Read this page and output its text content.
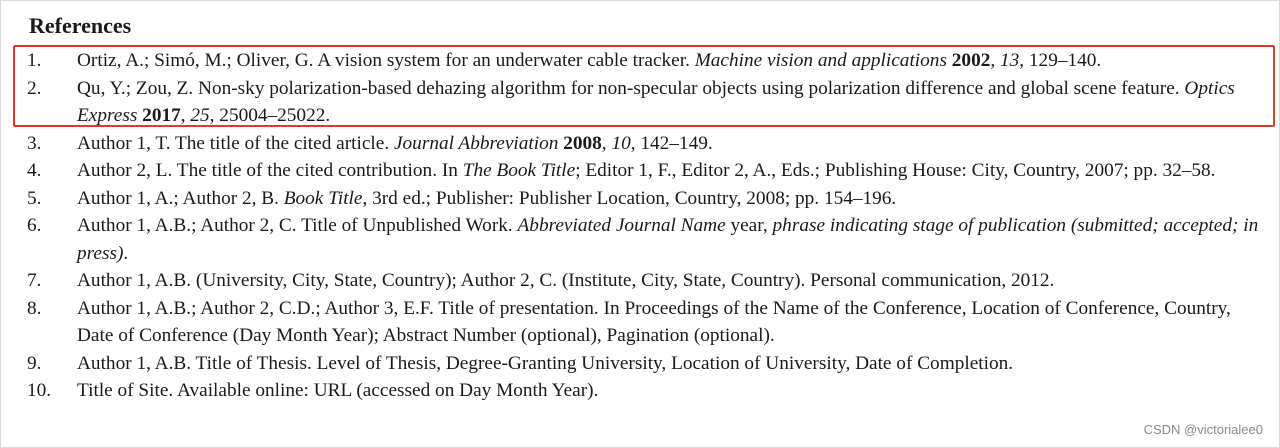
References
1.	Ortiz, A.; Simó, M.; Oliver, G. A vision system for an underwater cable tracker. Machine vision and applications 2002, 13, 129–140.
2.	Qu, Y.; Zou, Z. Non-sky polarization-based dehazing algorithm for non-specular objects using polarization difference and global scene feature. Optics Express 2017, 25, 25004–25022.
3.	Author 1, T. The title of the cited article. Journal Abbreviation 2008, 10, 142–149.
4.	Author 2, L. The title of the cited contribution. In The Book Title; Editor 1, F., Editor 2, A., Eds.; Publishing House: City, Country, 2007; pp. 32–58.
5.	Author 1, A.; Author 2, B. Book Title, 3rd ed.; Publisher: Publisher Location, Country, 2008; pp. 154–196.
6.	Author 1, A.B.; Author 2, C. Title of Unpublished Work. Abbreviated Journal Name year, phrase indicating stage of publication (submitted; accepted; in press).
7.	Author 1, A.B. (University, City, State, Country); Author 2, C. (Institute, City, State, Country). Personal communication, 2012.
8.	Author 1, A.B.; Author 2, C.D.; Author 3, E.F. Title of presentation. In Proceedings of the Name of the Conference, Location of Conference, Country, Date of Conference (Day Month Year); Abstract Number (optional), Pagination (optional).
9.	Author 1, A.B. Title of Thesis. Level of Thesis, Degree-Granting University, Location of University, Date of Completion.
10.	Title of Site. Available online: URL (accessed on Day Month Year).
CSDN @victorialee0
